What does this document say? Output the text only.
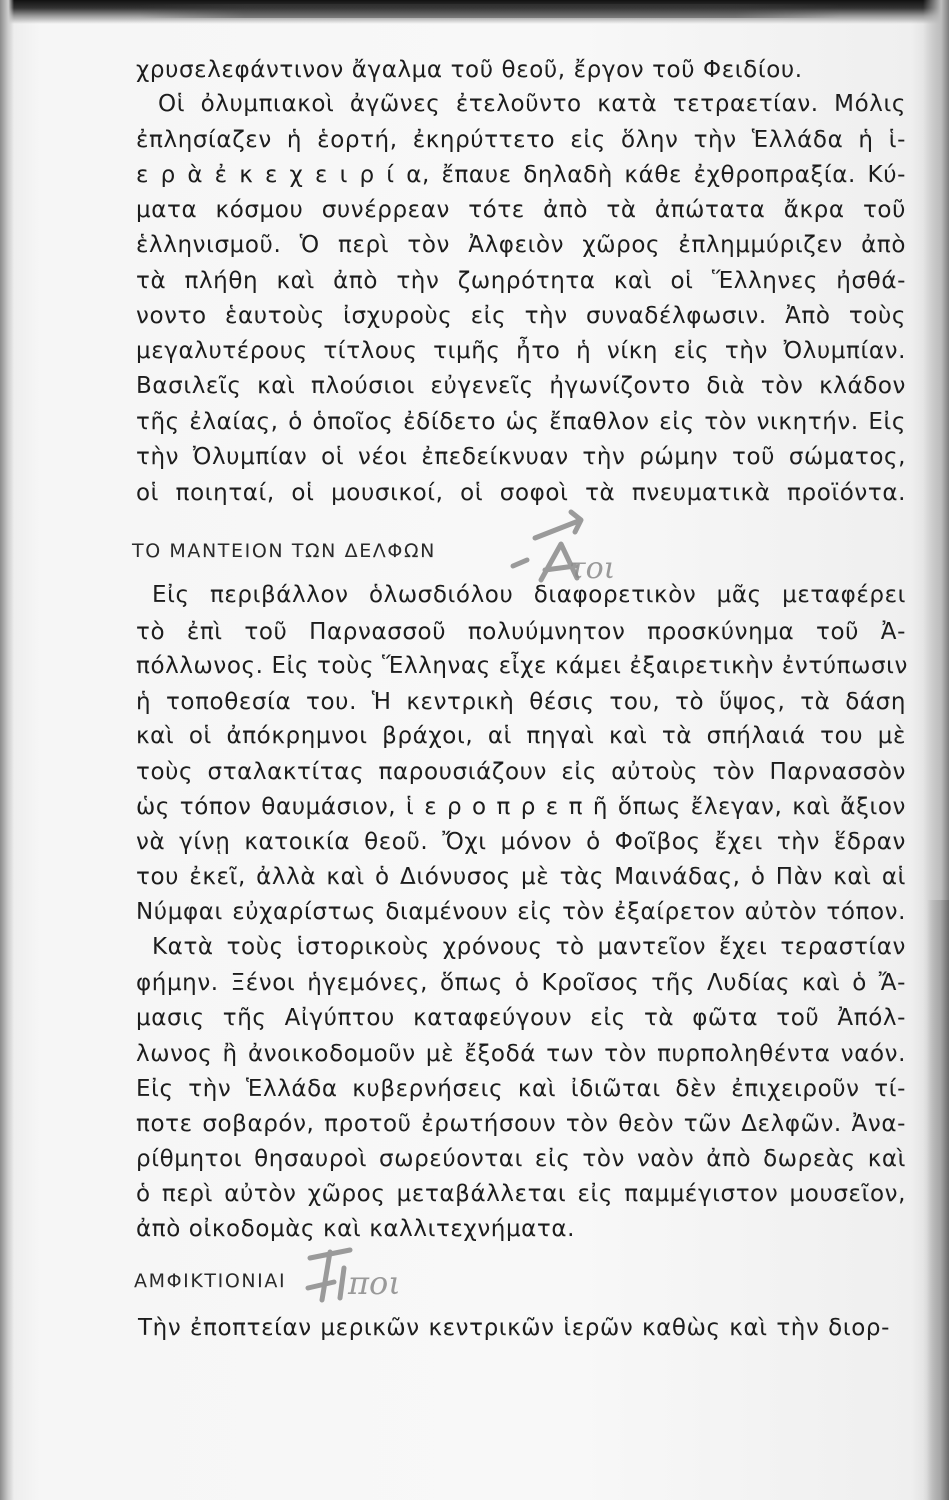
χρυσελεφάντινον ἄγαλμα τοῦ θεοῦ, ἔργον τοῦ Φειδίου.
Οἱ ὀλυμπιακοὶ ἀγῶνες ἐτελοῦντο κατὰ τετραετίαν. Μόλις
ἐπλησίαζεν ἡ ἑορτή, ἐκηρύττετο εἰς ὅλην τὴν Ἑλλάδα ἡ ἱ-
ε ρ ὰ ἐ κ ε χ ε ι ρ ί α, ἔπαυε δηλαδὴ κάθε ἐχθροπραξία. Κύ-
ματα κόσμου συνέρρεαν τότε ἀπὸ τὰ ἀπώτατα ἄκρα τοῦ
ἑλληνισμοῦ. Ὁ περὶ τὸν Ἀλφειὸν χῶρος ἐπλημμύριζεν ἀπὸ
τὰ πλήθη καὶ ἀπὸ τὴν ζωηρότητα καὶ οἱ Ἕλληνες ἠσθά-
νοντο ἑαυτοὺς ἰσχυροὺς εἰς τὴν συναδέλφωσιν. Ἀπὸ τοὺς
μεγαλυτέρους τίτλους τιμῆς ἦτο ἡ νίκη εἰς τὴν Ὀλυμπίαν.
Βασιλεῖς καὶ πλούσιοι εὐγενεῖς ἠγωνίζοντο διὰ τὸν κλάδον
τῆς ἐλαίας, ὁ ὁποῖος ἐδίδετο ὡς ἔπαθλον εἰς τὸν νικητήν. Εἰς
τὴν Ὀλυμπίαν οἱ νέοι ἐπεδείκνυαν τὴν ρώμην τοῦ σώματος,
οἱ ποιηταί, οἱ μουσικοί, οἱ σοφοὶ τὰ πνευματικὰ προϊόντα.
ΤΟ ΜΑΝΤΕΙΟΝ ΤΩΝ ΔΕΛΦΩΝ	τοι
Εἰς περιβάλλον ὁλωσδιόλου διαφορετικὸν μᾶς μεταφέρει
τὸ ἐπὶ τοῦ Παρνασσοῦ πολυύμνητον προσκύνημα τοῦ Ἀ-
πόλλωνος. Εἰς τοὺς Ἕλληνας εἶχε κάμει ἐξαιρετικὴν ἐντύπωσιν
ἡ τοποθεσία του. Ἡ κεντρικὴ θέσις του, τὸ ὕψος, τὰ δάση
καὶ οἱ ἀπόκρημνοι βράχοι, αἱ πηγαὶ καὶ τὰ σπήλαιά του μὲ
τοὺς σταλακτίτας παρουσιάζουν εἰς αὐτοὺς τὸν Παρνασσὸν
ὡς τόπον θαυμάσιον, ἱ ε ρ ο π ρ ε π ῆ ὅπως ἔλεγαν, καὶ ἄξιον
νὰ γίνῃ κατοικία θεοῦ. Ὄχι μόνον ὁ Φοῖβος ἔχει τὴν ἕδραν
του ἐκεῖ, ἀλλὰ καὶ ὁ Διόνυσος μὲ τὰς Μαινάδας, ὁ Πὰν καὶ αἱ
Νύμφαι εὐχαρίστως διαμένουν εἰς τὸν ἐξαίρετον αὐτὸν τόπον.
Κατὰ τοὺς ἱστορικοὺς χρόνους τὸ μαντεῖον ἔχει τεραστίαν
φήμην. Ξένοι ἡγεμόνες, ὅπως ὁ Κροῖσος τῆς Λυδίας καὶ ὁ Ἄ-
μασις τῆς Αἰγύπτου καταφεύγουν εἰς τὰ φῶτα τοῦ Ἀπόλ-
λωνος ἢ ἀνοικοδομοῦν μὲ ἔξοδά των τὸν πυρποληθέντα ναόν.
Εἰς τὴν Ἑλλάδα κυβερνήσεις καὶ ἰδιῶται δὲν ἐπιχειροῦν τί-
ποτε σοβαρόν, προτοῦ ἐρωτήσουν τὸν θεὸν τῶν Δελφῶν. Ἀνα-
ρίθμητοι θησαυροὶ σωρεύονται εἰς τὸν ναὸν ἀπὸ δωρεὰς καὶ
ὁ περὶ αὐτὸν χῶρος μεταβάλλεται εἰς παμμέγιστον μουσεῖον,
ἀπὸ οἰκοδομὰς καὶ καλλιτεχνήματα.
ΑΜΦΙΚΤΙΟΝΙΑΙ ποι
Τὴν ἐποπτείαν μερικῶν κεντρικῶν ἱερῶν καθὼς καὶ τὴν διορ-
